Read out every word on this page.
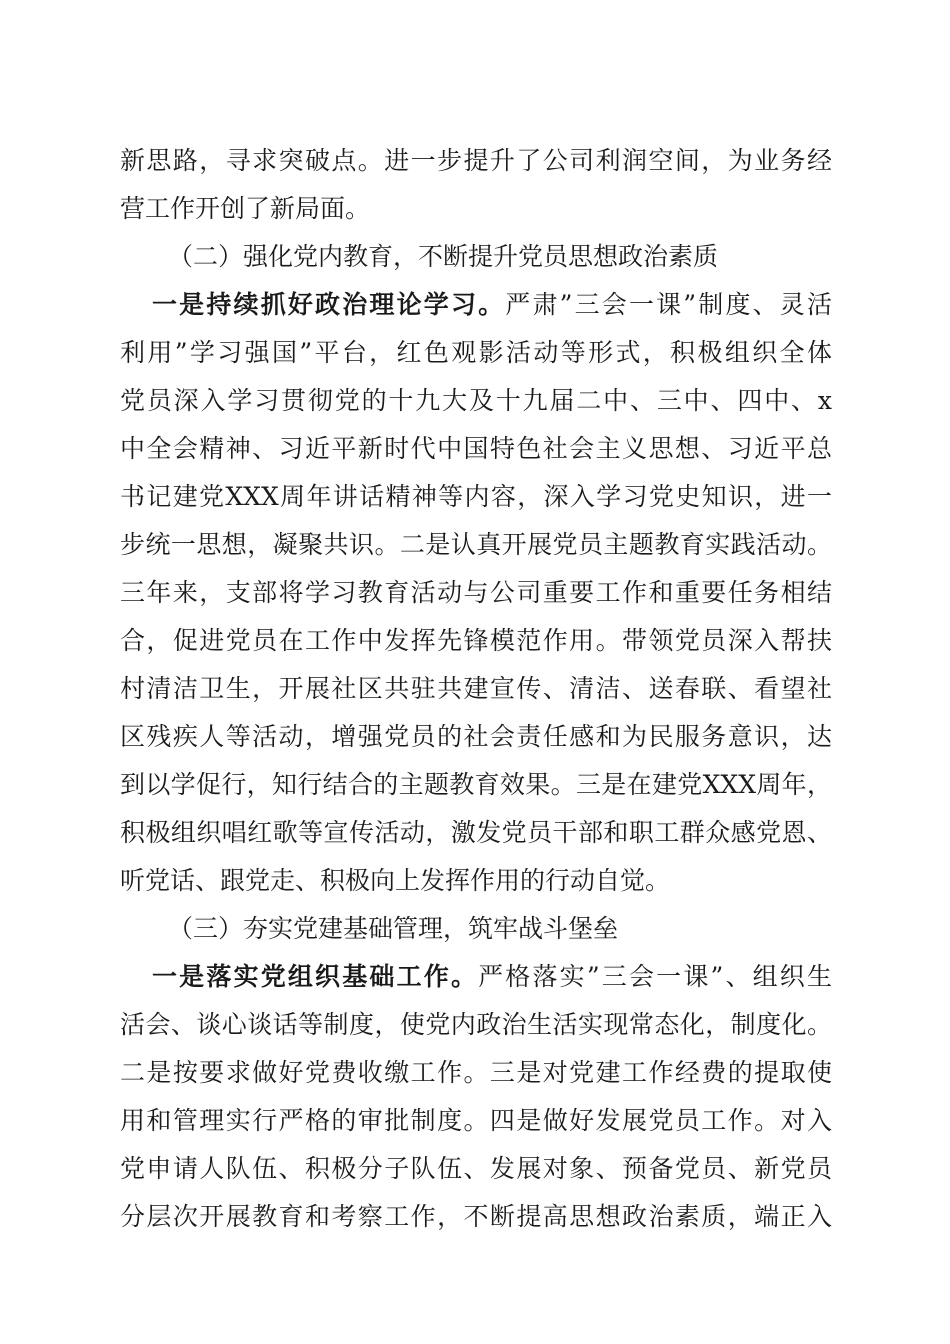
新思路，寻求突破点。进一步提升了公司利润空间，为业务经
营工作开创了新局面。
（二）强化党内教育，不断提升党员思想政治素质
一是持续抓好政治理论学习。严肃”三会一课”制度、灵活
利用”学习强国”平台，红色观影活动等形式，积极组织全体
党员深入学习贯彻党的十九大及十九届二中、三中、四中、x
中全会精神、习近平新时代中国特色社会主义思想、习近平总
书记建党XXX周年讲话精神等内容，深入学习党史知识，进一
步统一思想，凝聚共识。二是认真开展党员主题教育实践活动。
三年来，支部将学习教育活动与公司重要工作和重要任务相结
合，促进党员在工作中发挥先锋模范作用。带领党员深入帮扶
村清洁卫生，开展社区共驻共建宣传、清洁、送春联、看望社
区残疾人等活动，增强党员的社会责任感和为民服务意识，达
到以学促行，知行结合的主题教育效果。三是在建党XXX周年，
积极组织唱红歌等宣传活动，激发党员干部和职工群众感党恩、
听党话、跟党走、积极向上发挥作用的行动自觉。
（三）夯实党建基础管理，筑牢战斗堡垒
一是落实党组织基础工作。严格落实”三会一课”、组织生
活会、谈心谈话等制度，使党内政治生活实现常态化，制度化。
二是按要求做好党费收缴工作。三是对党建工作经费的提取使
用和管理实行严格的审批制度。四是做好发展党员工作。对入
党申请人队伍、积极分子队伍、发展对象、预备党员、新党员
分层次开展教育和考察工作，不断提高思想政治素质，端正入
